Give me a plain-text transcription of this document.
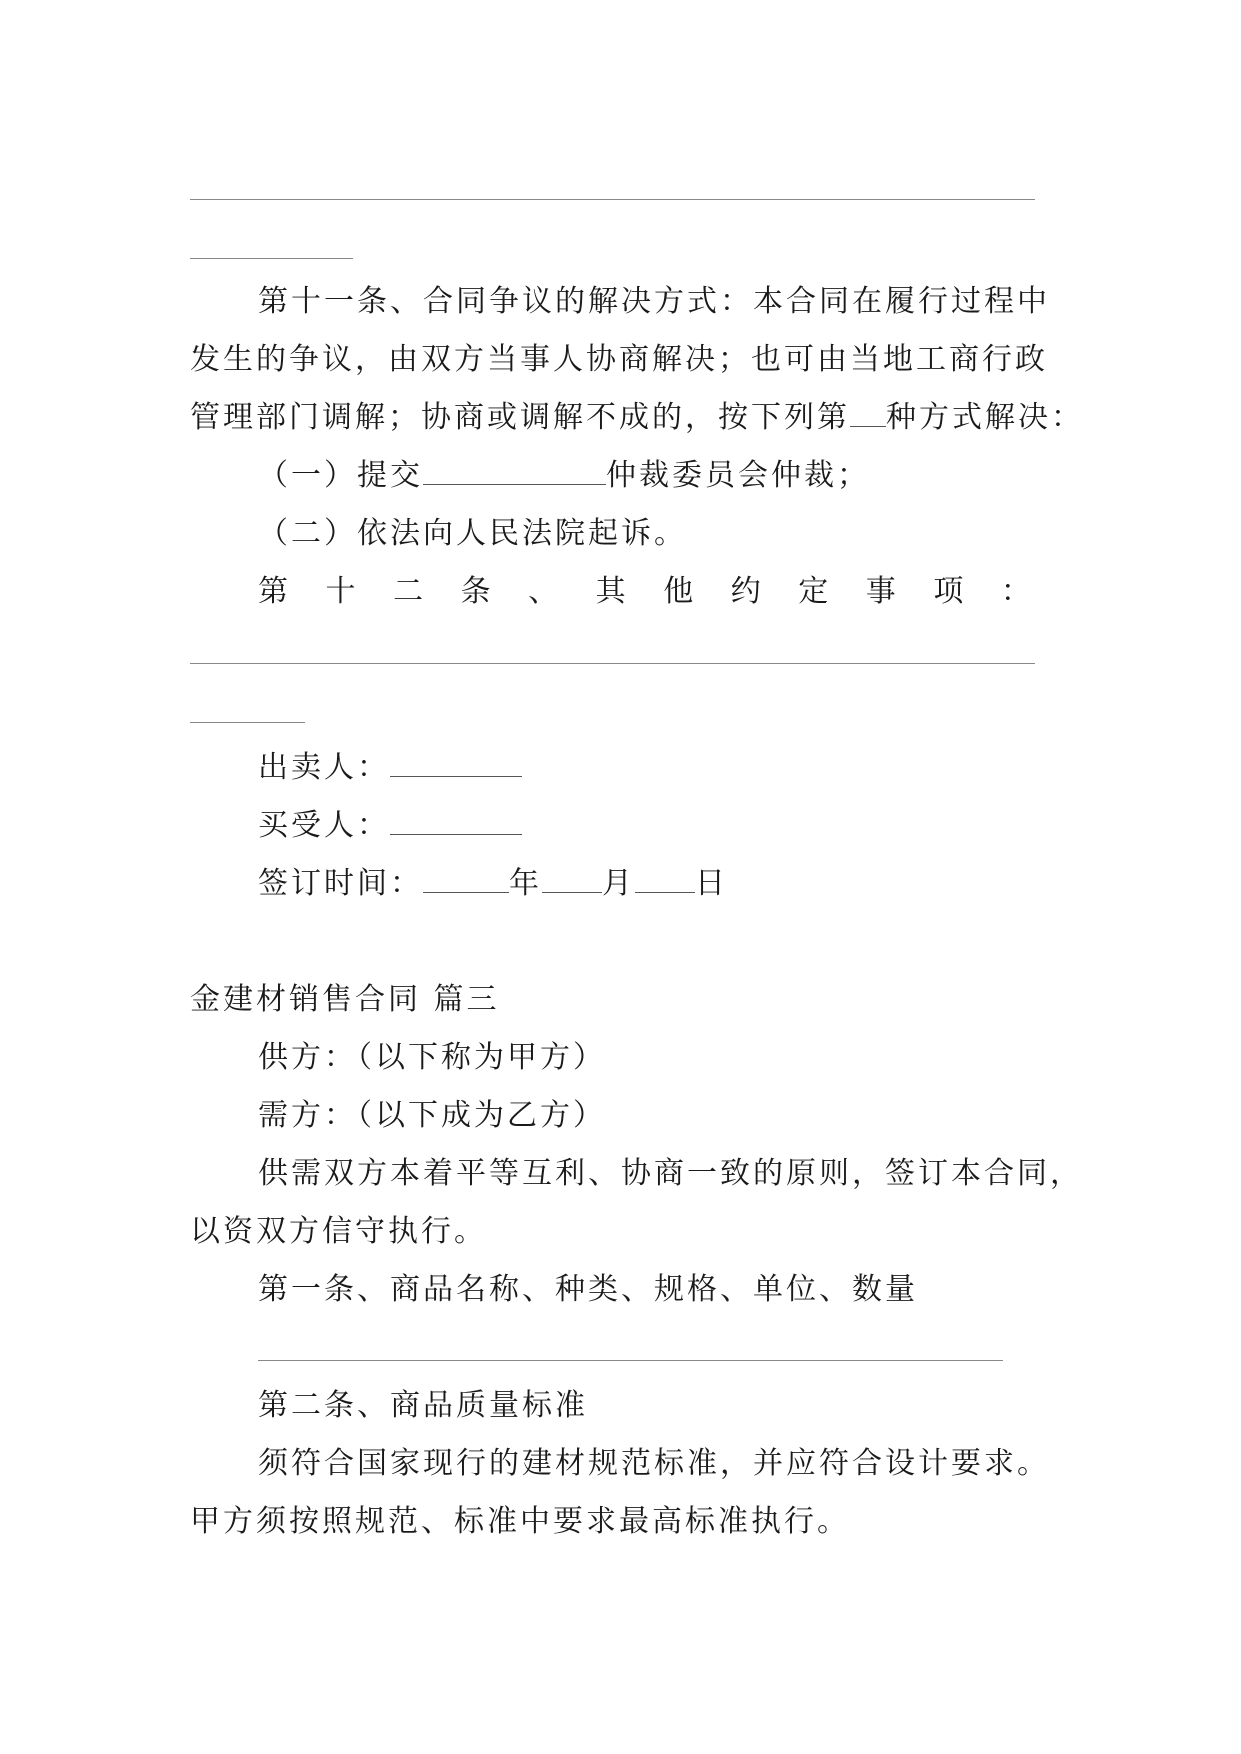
第十一条、合同争议的解决方式：本合同在履行过程中
发生的争议，由双方当事人协商解决；也可由当地工商行政
管理部门调解；协商或调解不成的，按下列第 种方式解决：
（一）提交	仲裁委员会仲裁；
（二）依法向人民法院起诉。
第 十 二 条 、 其 他 约 定 事 项 ：
出卖人：
买受人：
签订时间：	年 月 日
金建材销售合同 篇三
供方：（以下称为甲方）
需方：（以下成为乙方）
供需双方本着平等互利、协商一致的原则，签订本合同，
以资双方信守执行。
第一条、商品名称、种类、规格、单位、数量
第二条、商品质量标准
须符合国家现行的建材规范标准，并应符合设计要求。
甲方须按照规范、标准中要求最高标准执行。
